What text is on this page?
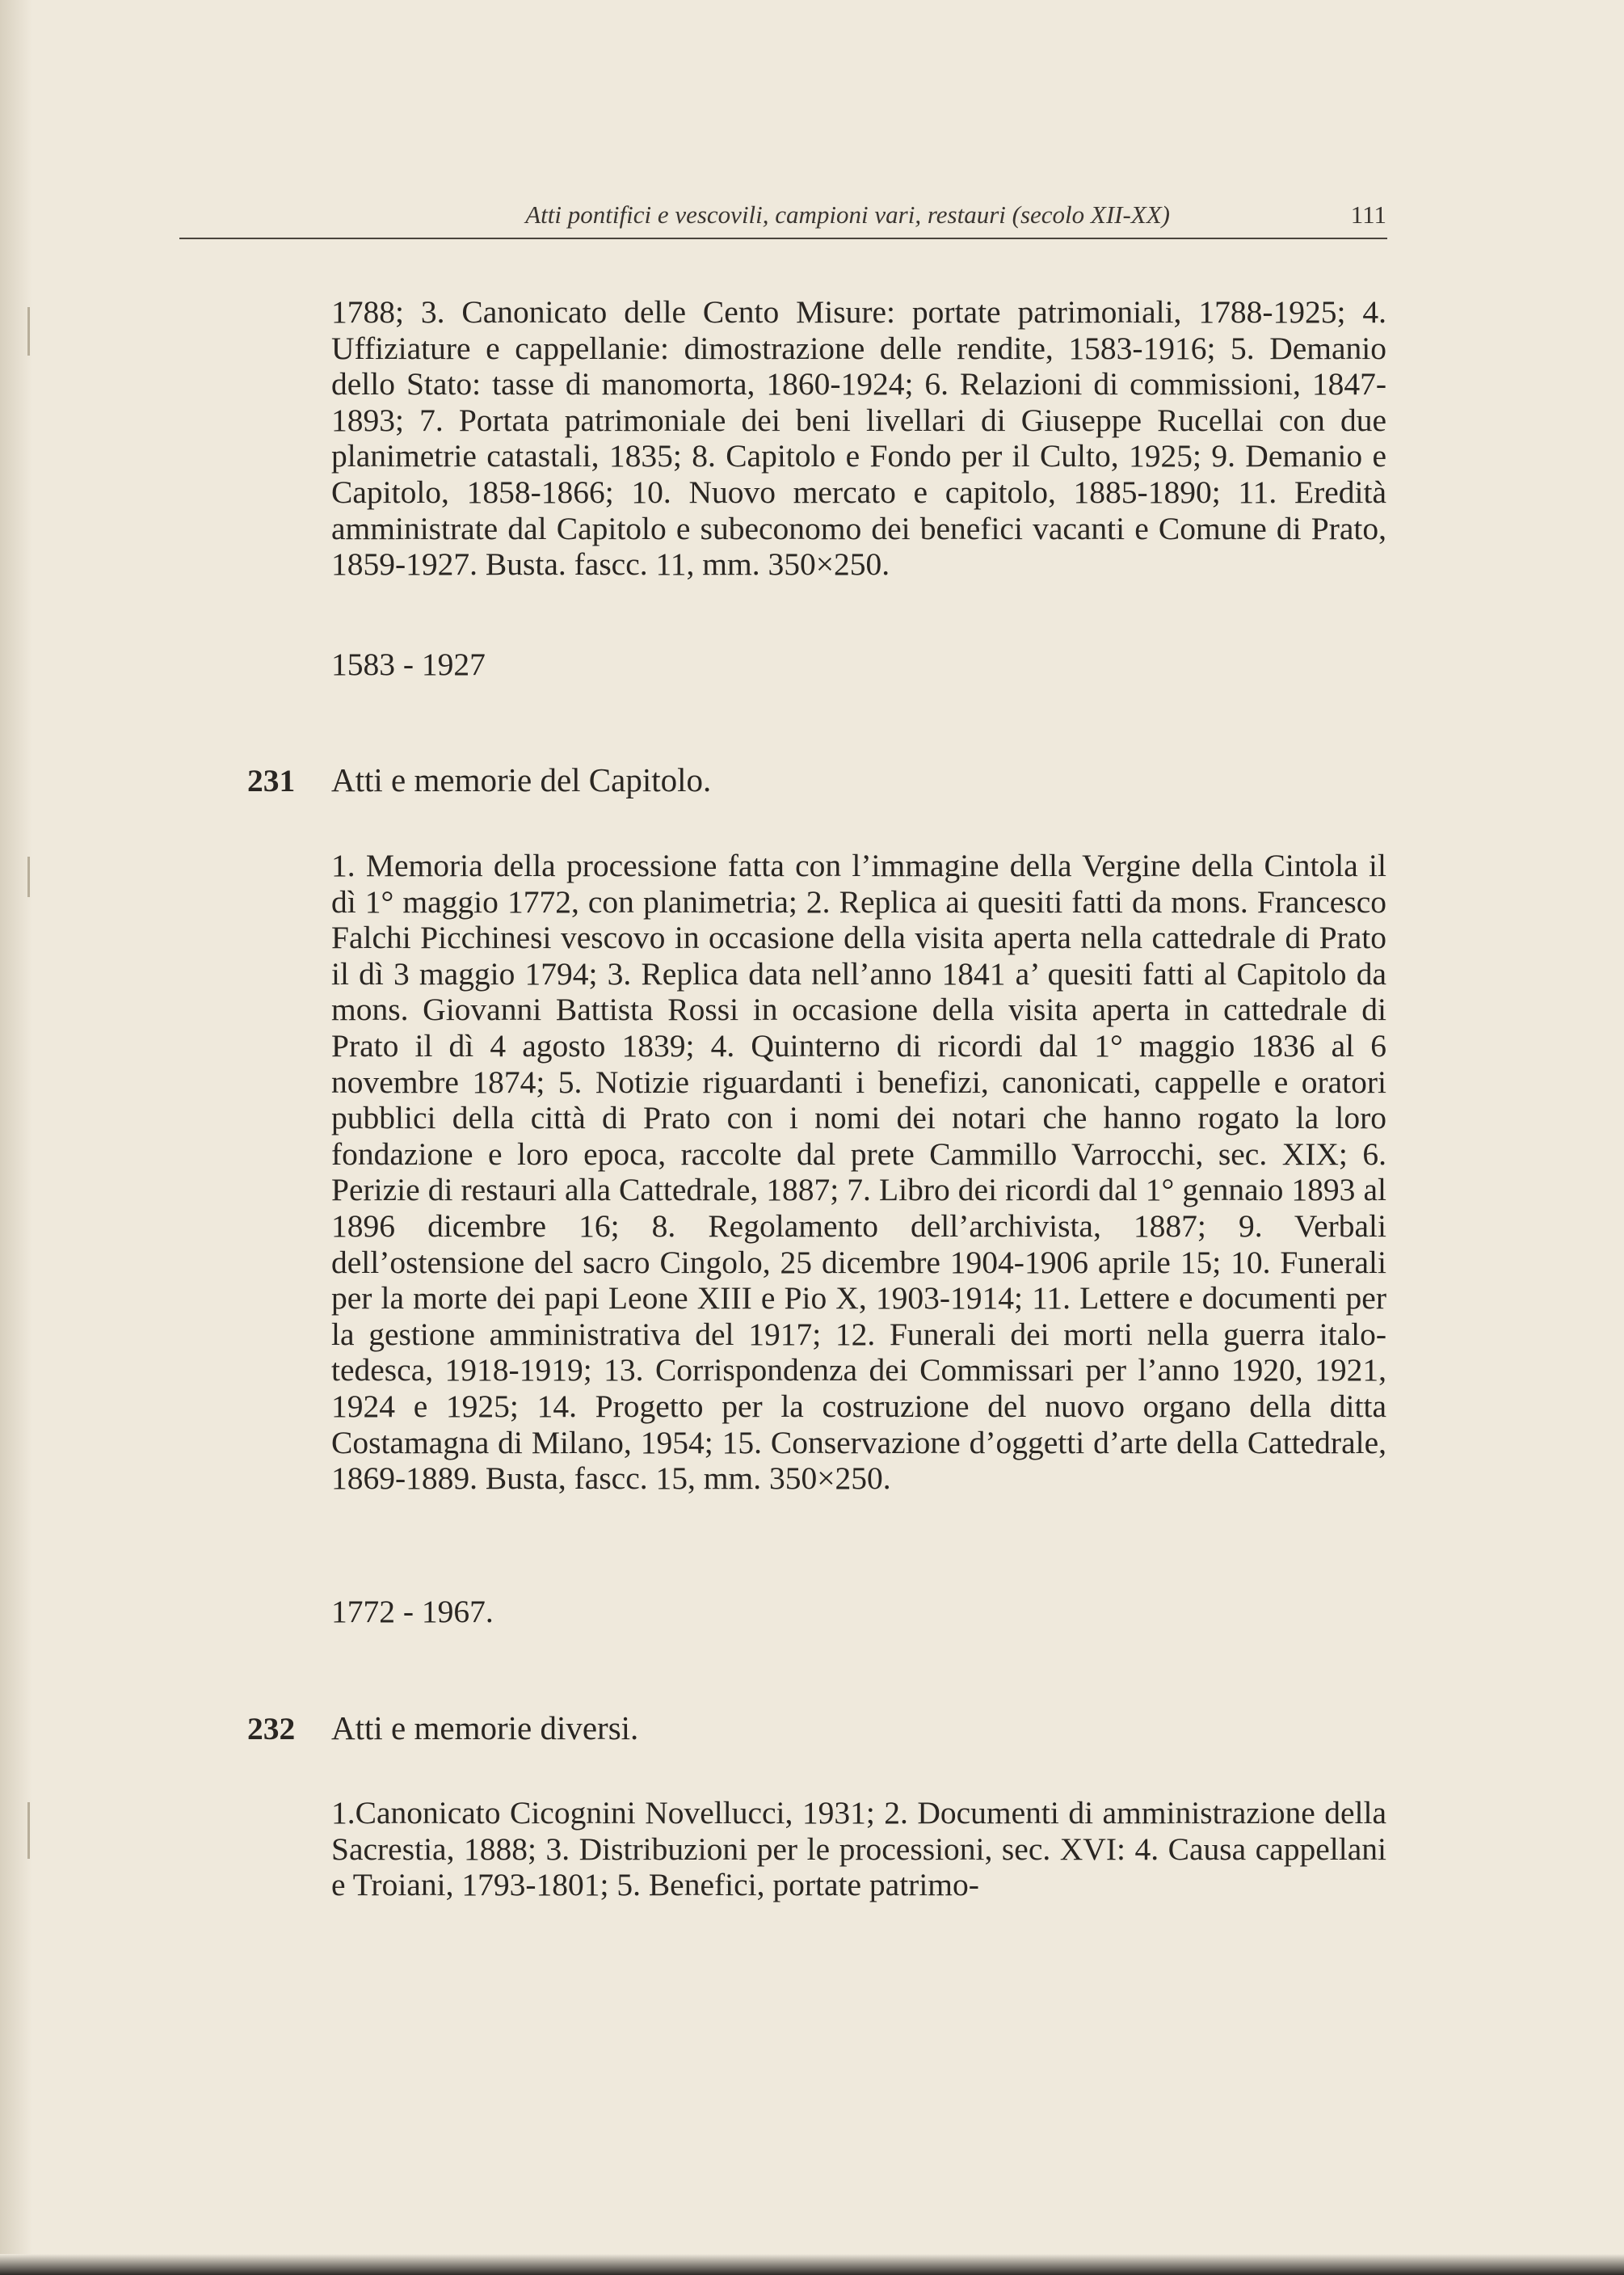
Atti pontifici e vescovili, campioni vari, restauri (secolo XII-XX)	111
1788; 3. Canonicato delle Cento Misure: portate patrimoniali, 1788-1925; 4. Uffiziature e cappellanie: dimostrazione delle rendite, 1583-1916; 5. Demanio dello Stato: tasse di manomorta, 1860-1924; 6. Relazioni di commissioni, 1847-1893; 7. Portata patrimoniale dei beni livellari di Giuseppe Rucellai con due planimetrie catastali, 1835; 8. Capitolo e Fondo per il Culto, 1925; 9. Demanio e Capitolo, 1858-1866; 10. Nuovo mercato e capitolo, 1885-1890; 11. Eredità amministrate dal Capitolo e subeconomo dei benefici vacanti e Comune di Prato, 1859-1927. Busta. fascc. 11, mm. 350×250.
1583 - 1927
231 Atti e memorie del Capitolo.
1. Memoria della processione fatta con l’immagine della Vergine della Cintola il dì 1° maggio 1772, con planimetria; 2. Replica ai quesiti fatti da mons. Francesco Falchi Picchinesi vescovo in occasione della visita aperta nella cattedrale di Prato il dì 3 maggio 1794; 3. Replica data nell’anno 1841 a’ quesiti fatti al Capitolo da mons. Giovanni Battista Rossi in occasione della visita aperta in cattedrale di Prato il dì 4 agosto 1839; 4. Quinterno di ricordi dal 1° maggio 1836 al 6 novembre 1874; 5. Notizie riguardanti i benefizi, canonicati, cappelle e oratori pubblici della città di Prato con i nomi dei notari che hanno rogato la loro fondazione e loro epoca, raccolte dal prete Cammillo Varrocchi, sec. XIX; 6. Perizie di restauri alla Cattedrale, 1887; 7. Libro dei ricordi dal 1° gennaio 1893 al 1896 dicembre 16; 8. Regolamento dell’archivista, 1887; 9. Verbali dell’ostensione del sacro Cingolo, 25 dicembre 1904-1906 aprile 15; 10. Funerali per la morte dei papi Leone XIII e Pio X, 1903-1914; 11. Lettere e documenti per la gestione amministrativa del 1917; 12. Funerali dei morti nella guerra italo-tedesca, 1918-1919; 13. Corrispondenza dei Commissari per l’anno 1920, 1921, 1924 e 1925; 14. Progetto per la costruzione del nuovo organo della ditta Costamagna di Milano, 1954; 15. Conservazione d’oggetti d’arte della Cattedrale, 1869-1889. Busta, fascc. 15, mm. 350×250.
1772 - 1967.
232 Atti e memorie diversi.
1.Canonicato Cicognini Novellucci, 1931; 2. Documenti di amministrazione della Sacrestia, 1888; 3. Distribuzioni per le processioni, sec. XVI: 4. Causa cappellani e Troiani, 1793-1801; 5. Benefici, portate patrimo-
